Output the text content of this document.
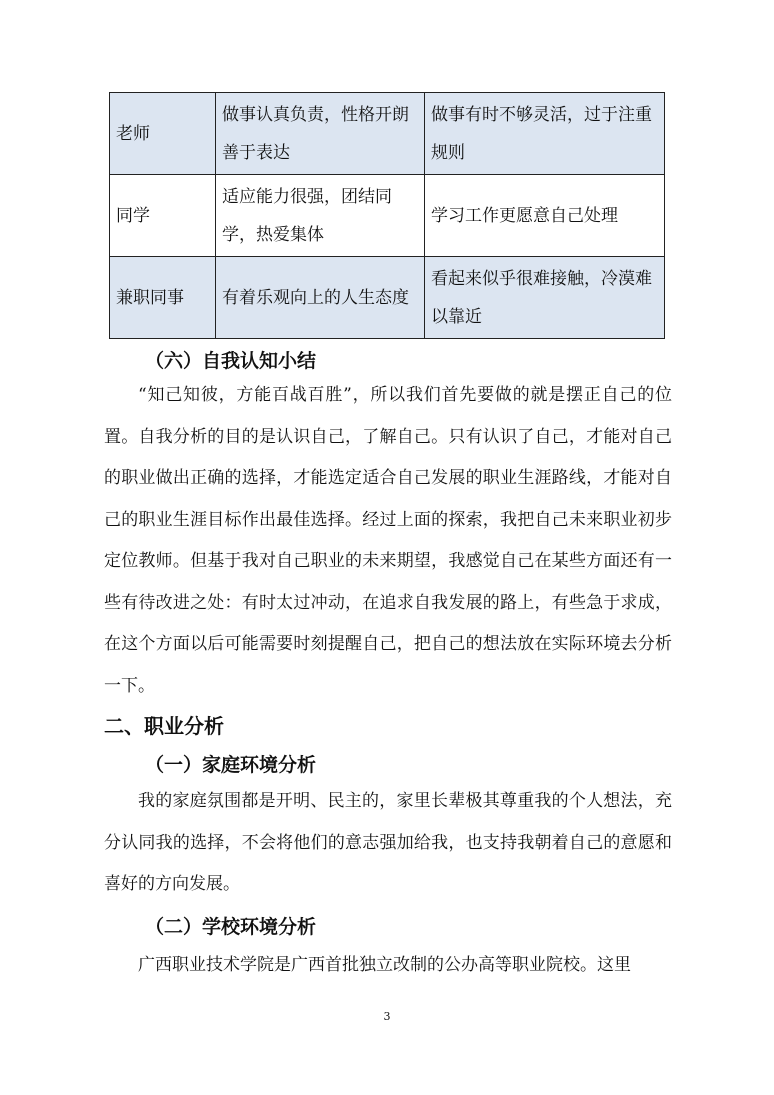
老师	做事认真负责，性格开朗善于表达	做事有时不够灵活，过于注重规则
同学	适应能力很强，团结同学，热爱集体	学习工作更愿意自己处理
兼职同事	有着乐观向上的人生态度	看起来似乎很难接触，冷漠难以靠近
（六）自我认知小结
“知己知彼，方能百战百胜”，所以我们首先要做的就是摆正自己的位置。自我分析的目的是认识自己，了解自己。只有认识了自己，才能对自己的职业做出正确的选择，才能选定适合自己发展的职业生涯路线，才能对自己的职业生涯目标作出最佳选择。经过上面的探索，我把自己未来职业初步定位教师。但基于我对自己职业的未来期望，我感觉自己在某些方面还有一些有待改进之处：有时太过冲动，在追求自我发展的路上，有些急于求成，在这个方面以后可能需要时刻提醒自己，把自己的想法放在实际环境去分析一下。
二、职业分析
（一）家庭环境分析
我的家庭氛围都是开明、民主的，家里长辈极其尊重我的个人想法，充分认同我的选择，不会将他们的意志强加给我，也支持我朝着自己的意愿和喜好的方向发展。
（二）学校环境分析
广西职业技术学院是广西首批独立改制的公办高等职业院校。这里
3
